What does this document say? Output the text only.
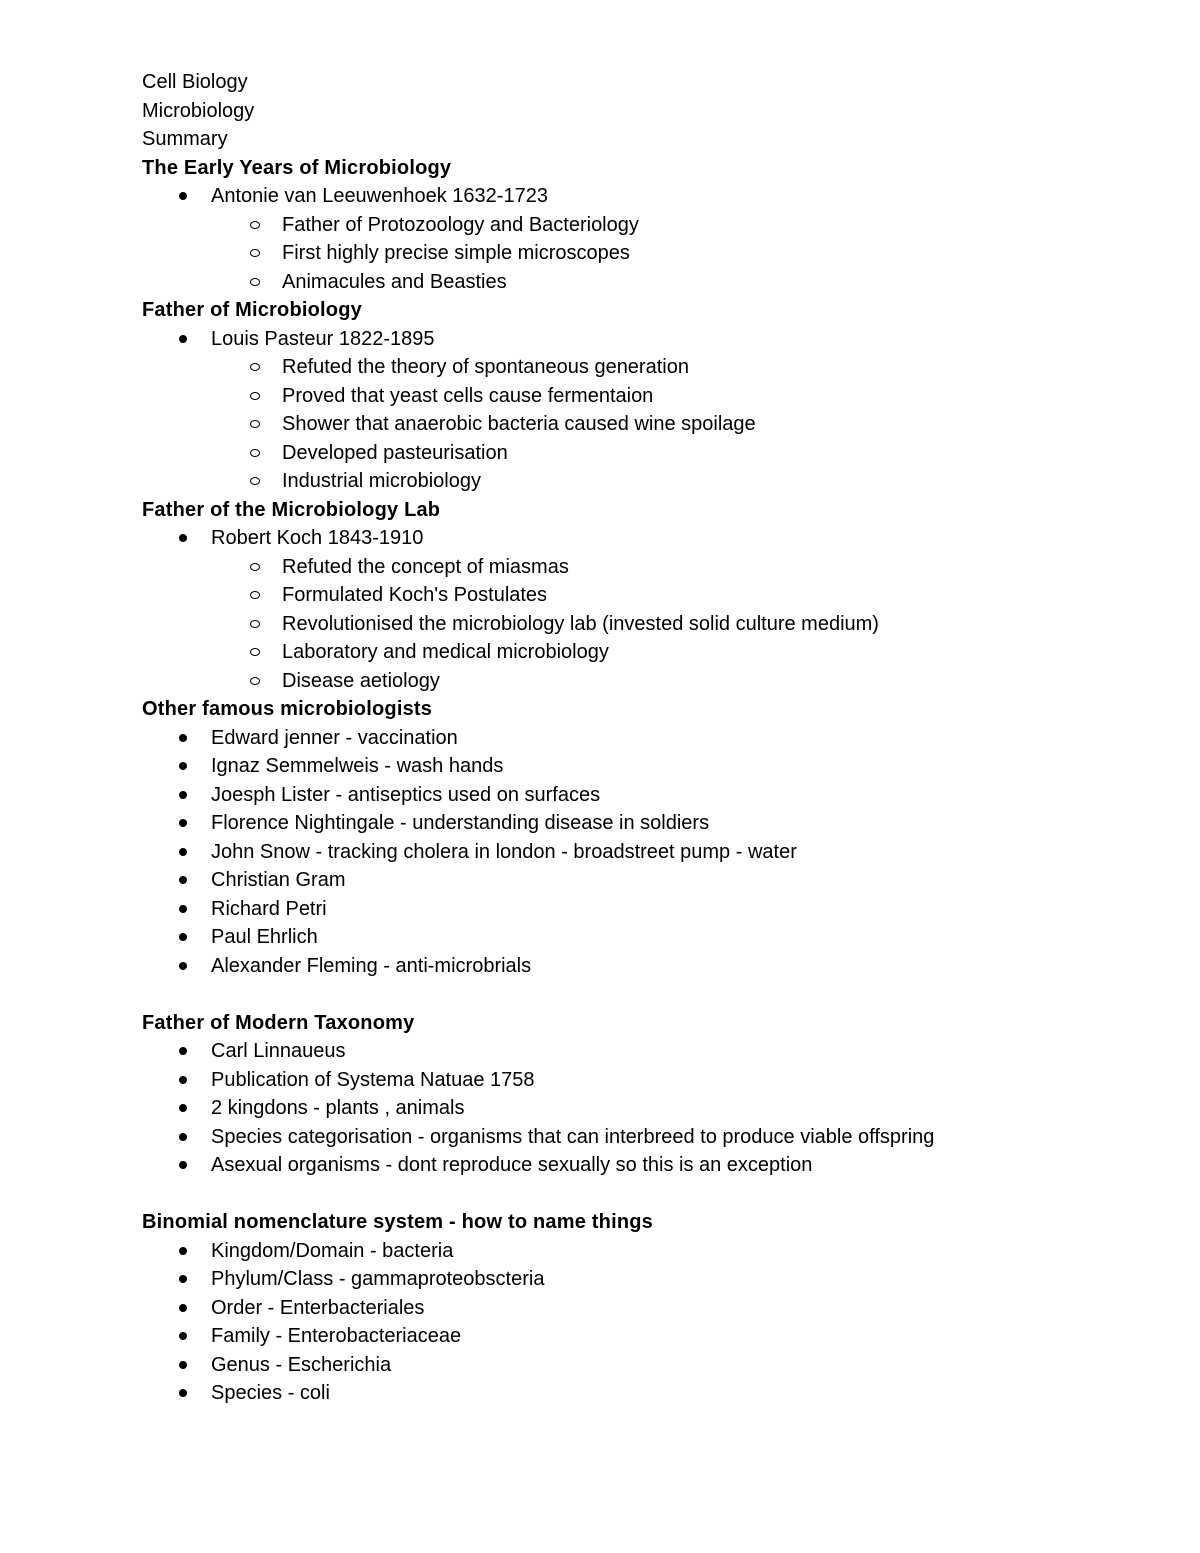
Cell Biology
Microbiology
Summary
The Early Years of Microbiology
Antonie van Leeuwenhoek 1632-1723
Father of Protozoology and Bacteriology
First highly precise simple microscopes
Animacules and Beasties
Father of Microbiology
Louis Pasteur 1822-1895
Refuted the theory of spontaneous generation
Proved that yeast cells cause fermentaion
Shower that anaerobic bacteria caused wine spoilage
Developed pasteurisation
Industrial microbiology
Father of the Microbiology Lab
Robert Koch 1843-1910
Refuted the concept of miasmas
Formulated Koch's Postulates
Revolutionised the microbiology lab (invested solid culture medium)
Laboratory and medical microbiology
Disease aetiology
Other famous microbiologists
Edward jenner - vaccination
Ignaz Semmelweis - wash hands
Joesph Lister - antiseptics used on surfaces
Florence Nightingale - understanding disease in soldiers
John Snow - tracking cholera in london - broadstreet pump - water
Christian Gram
Richard Petri
Paul Ehrlich
Alexander Fleming - anti-microbrials
Father of Modern Taxonomy
Carl Linnaueus
Publication of Systema Natuae 1758
2 kingdons - plants , animals
Species categorisation - organisms that can interbreed to produce viable offspring
Asexual organisms - dont reproduce sexually so this is an exception
Binomial nomenclature system - how to name things
Kingdom/Domain - bacteria
Phylum/Class - gammaproteobscteria
Order - Enterbacteriales
Family - Enterobacteriaceae
Genus - Escherichia
Species - coli
